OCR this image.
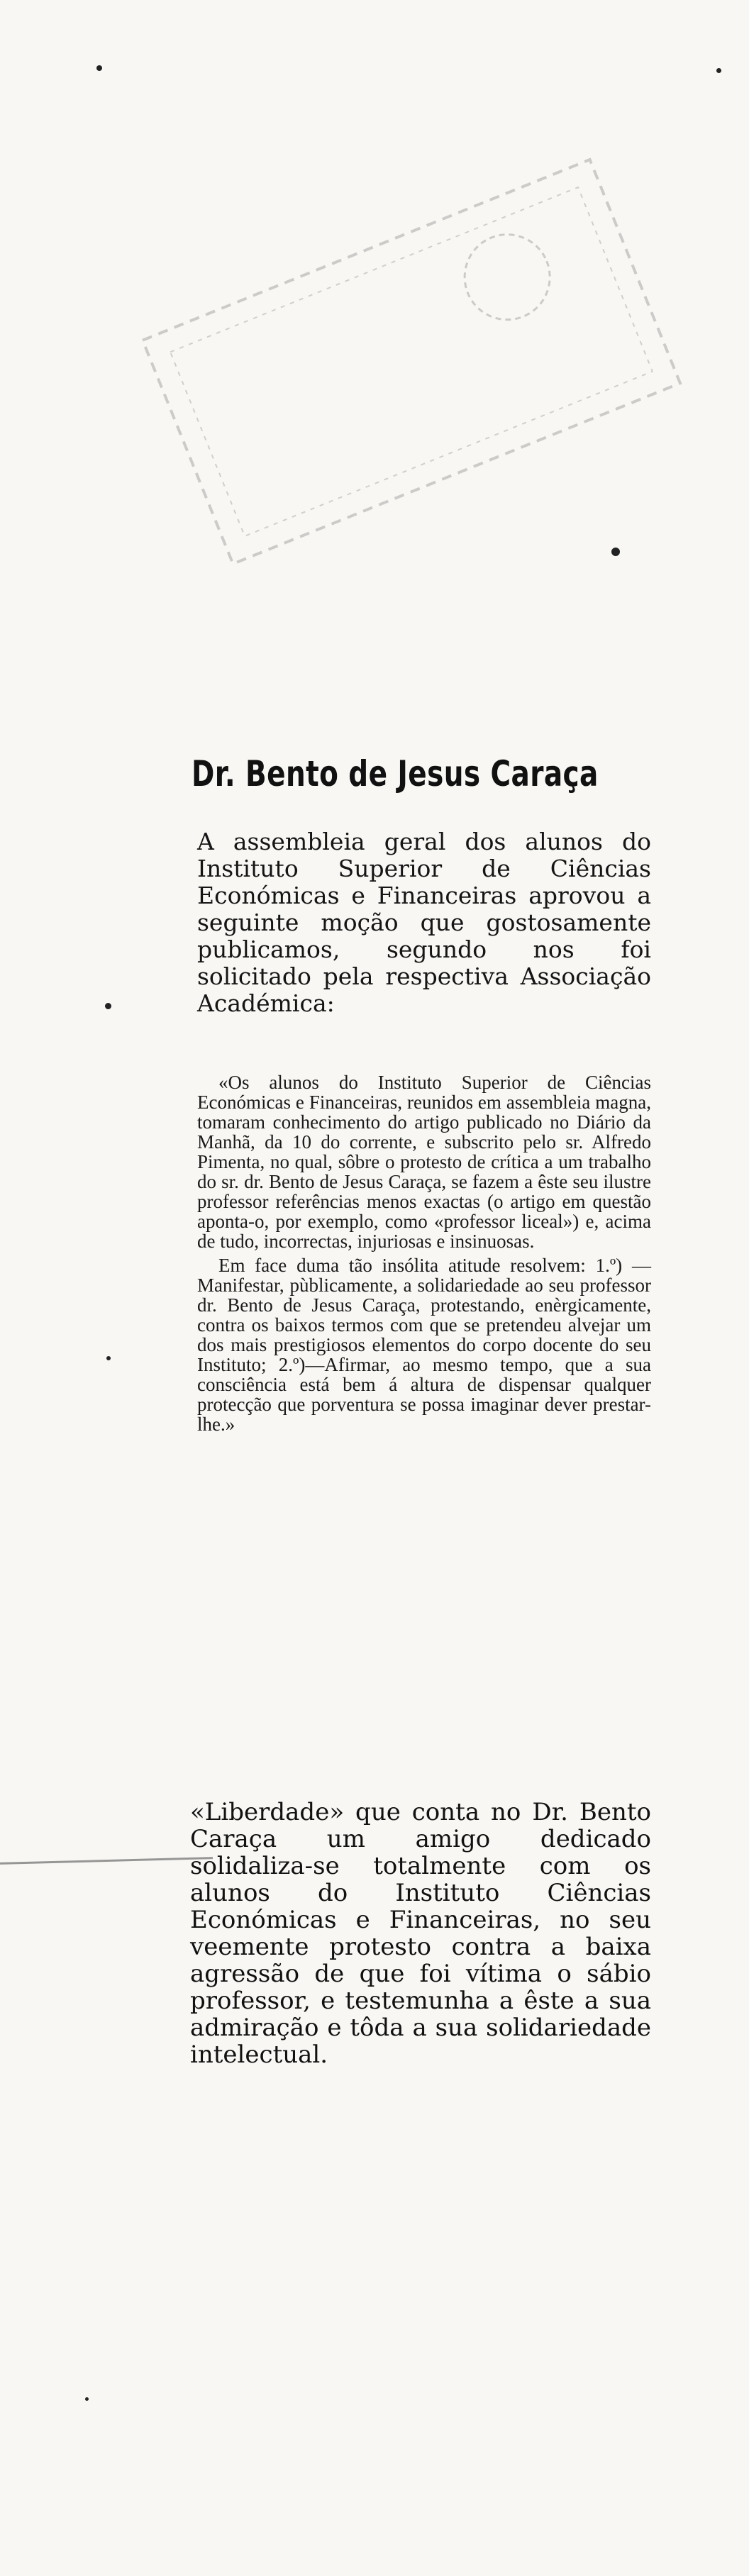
Dr. Bento de Jesus Caraça
A assembleia geral dos alunos do Instituto Superior de Ciências Económicas e Financeiras aprovou a seguinte moção que gostosamente publicamos, segundo nos foi solicitado pela respectiva Associação Académica:

«Os alunos do Instituto Superior de Ciências Económicas e Financeiras, reunidos em assembleia magna, tomaram conhecimento do artigo publicado no Diário da Manhã, da 10 do corrente, e subscrito pelo sr. Alfredo Pimenta, no qual, sôbre o protesto de crítica a um trabalho do sr. dr. Bento de Jesus Caraça, se fazem a êste seu ilustre professor referências menos exactas (o artigo em questão aponta-o, por exemplo, como «professor liceal») e, acima de tudo, incorrectas, injuriosas e insinuosas.

Em face duma tão insólita atitude resolvem: 1.º) — Manifestar, pùblicamente, a solidariedade ao seu professor dr. Bento de Jesus Caraça, protestando, enèrgicamente, contra os baixos termos com que se pretendeu alvejar um dos mais prestigiosos elementos do corpo docente do seu Instituto; 2.º)—Afirmar, ao mesmo tempo, que a sua consciência está bem á altura de dispensar qualquer protecção que porventura se possa imaginar dever prestar-lhe.»

«Liberdade» que conta no Dr. Bento Caraça um amigo dedicado solidaliza-se totalmente com os alunos do Instituto Ciências Económicas e Financeiras, no seu veemente protesto contra a baixa agressão de que foi vítima o sábio professor, e testemunha a êste a sua admiração e tôda a sua solidariedade intelectual.
